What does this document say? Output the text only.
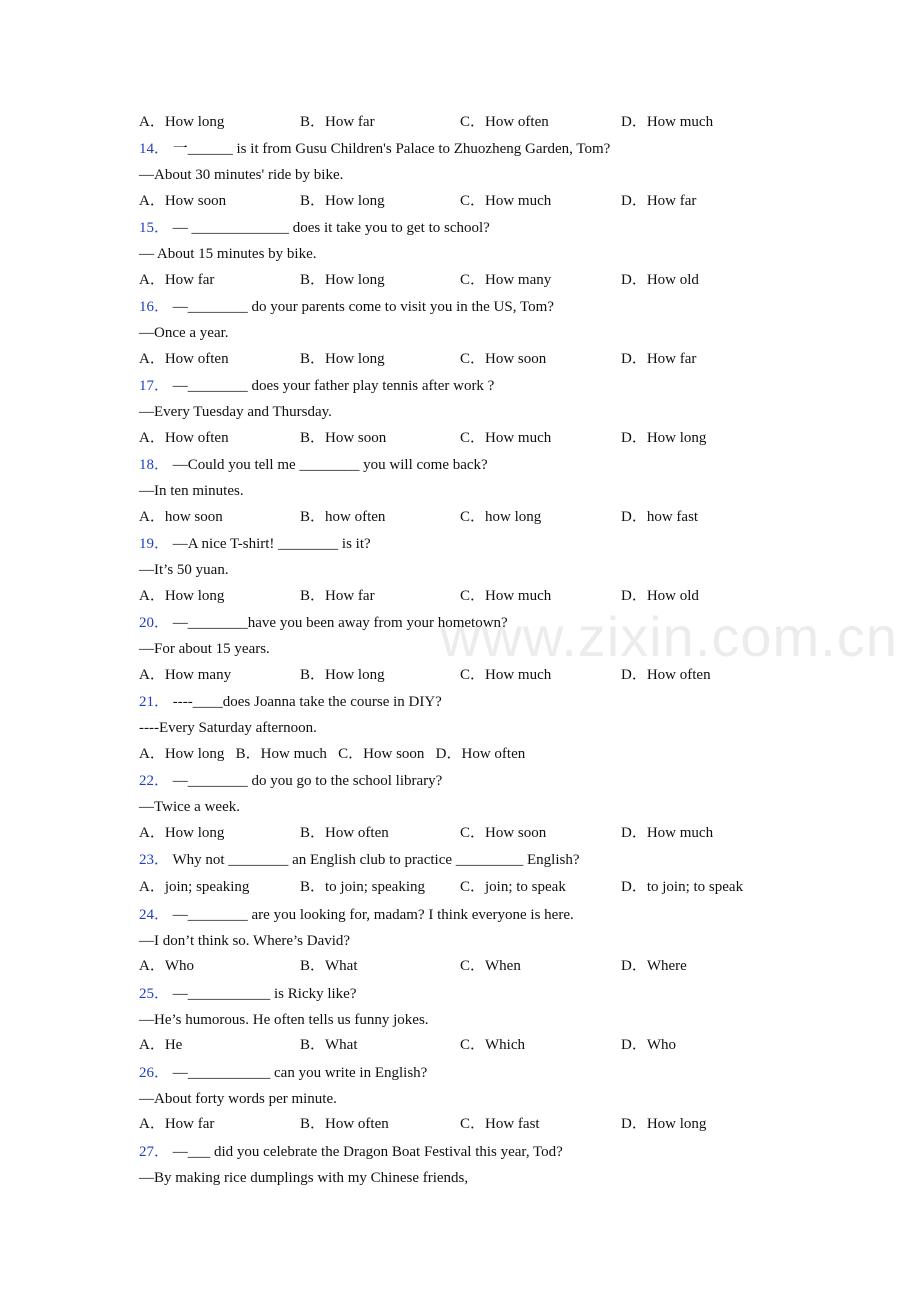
www.zixin.com.cn

A．How long

	B．How far

	C．How often

	D．How much

14． 一______ is it from Gusu Children's Palace to Zhuozheng Garden, Tom?
—About 30 minutes' ride by bike.

A．How soon

	B．How long

	C．How much

	D．How far

15． — _____________ does it take you to get to school?
— About 15 minutes by bike.

A．How far

	B．How long

	C．How many

	D．How old

16． —________ do your parents come to visit you in the US, Tom?
—Once a year.

A．How often

	B．How long

	C．How soon

	D．How far

17． —________ does your father play tennis after work ?
—Every Tuesday and Thursday.

A．How often

	B．How soon

	C．How much

	D．How long

18． —Could you tell me ________ you will come back?
—In ten minutes.

A．how soon

	B．how often

	C．how long

	D．how fast

19． —A nice T-shirt! ________ is it?
—It’s 50 yuan.

A．How long

	B．How far

	C．How much

	D．How old

20． —________have you been away from your hometown?
—For about 15 years.

A．How many

	B．How long

	C．How much

	D．How often

21． ----____does Joanna take the course in DIY?
----Every Saturday afternoon.
A．How long   B．How much   C．How soon   D．How often
22． —________ do you go to the school library?
—Twice a week.

A．How long

	B．How often

	C．How soon

	D．How much

23． Why not ________ an English club to practice _________ English?

A．join; speaking

	B．to join; speaking

C．join; to speak

	D．to join; to speak

24． —________ are you looking for, madam? I think everyone is here.
—I don’t think so. Where’s David?

A．Who

	B．What

	C．When

	D．Where

25． —___________ is Ricky like?
—He’s humorous. He often tells us funny jokes.

A．He

	B．What

	C．Which

	D．Who

26． —___________ can you write in English?
—About forty words per minute.

A．How far

	B．How often

	C．How fast

	D．How long

27． —___ did you celebrate the Dragon Boat Festival this year, Tod?
—By making rice dumplings with my Chinese friends,
